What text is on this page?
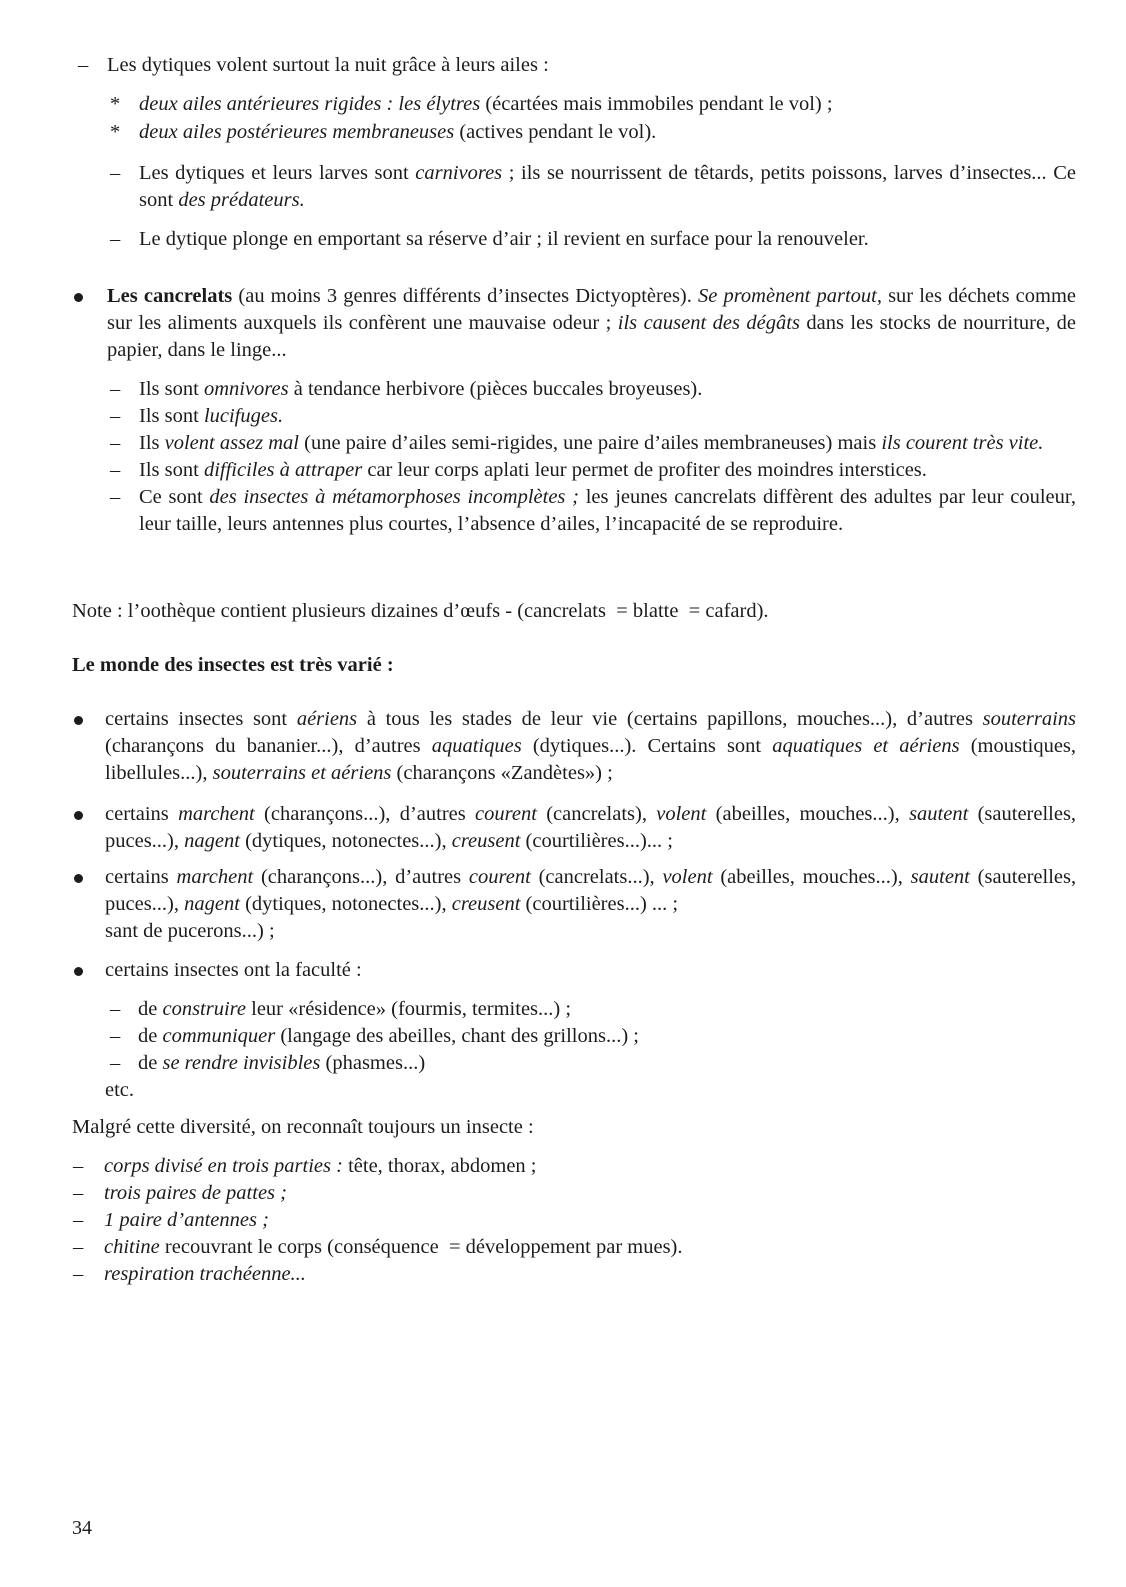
– Les dytiques volent surtout la nuit grâce à leurs ailes :
* deux ailes antérieures rigides : les élytres (écartées mais immobiles pendant le vol) ;
* deux ailes postérieures membraneuses (actives pendant le vol).
– Les dytiques et leurs larves sont carnivores ; ils se nourrissent de têtards, petits poissons, larves d’insectes... Ce sont des prédateurs.
– Le dytique plonge en emportant sa réserve d’air ; il revient en surface pour la renouveler.
Les cancrelats (au moins 3 genres différents d’insectes Dictyoptères). Se promènent partout, sur les déchets comme sur les aliments auxquels ils confèrent une mauvaise odeur ; ils causent des dégâts dans les stocks de nourriture, de papier, dans le linge...
– Ils sont omnivores à tendance herbivore (pièces buccales broyeuses).
– Ils sont lucifuges.
– Ils volent assez mal (une paire d’ailes semi-rigides, une paire d’ailes membraneuses) mais ils courent très vite.
– Ils sont difficiles à attraper car leur corps aplati leur permet de profiter des moindres interstices.
– Ce sont des insectes à métamorphoses incomplètes ; les jeunes cancrelats diffèrent des adultes par leur couleur, leur taille, leurs antennes plus courtes, l’absence d’ailes, l’incapacité de se reproduire.
Note : l’oothèque contient plusieurs dizaines d’œufs - (cancrelats  = blatte  = cafard).
Le monde des insectes est très varié :
certains insectes sont aériens à tous les stades de leur vie (certains papillons, mouches...), d’autres souterrains (charançons du bananier...), d’autres aquatiques (dytiques...). Certains sont aquatiques et aériens (moustiques, libellules...), souterrains et aériens (charançons «Zandètes») ;
certains marchent (charançons...), d’autres courent (cancrelats), volent (abeilles, mouches...), sautent (sauterelles, puces...), nagent (dytiques, notonectes...), creusent (courtilières...)... ;
certains marchent (charançons...), d’autres courent (cancrelats...), volent (abeilles, mouches...), sautent (sauterelles, puces...), nagent (dytiques, notonectes...), creusent (courtilières...) ... ;
sant de pucerons...) ;
certains insectes ont la faculté :
– de construire leur «résidence» (fourmis, termites...) ;
– de communiquer (langage des abeilles, chant des grillons...) ;
– de se rendre invisibles (phasmes...)
etc.
Malgré cette diversité, on reconnaît toujours un insecte :
– corps divisé en trois parties : tête, thorax, abdomen ;
– trois paires de pattes ;
– 1 paire d’antennes ;
– chitine recouvrant le corps (conséquence  = développement par mues).
– respiration trachéenne...
34
